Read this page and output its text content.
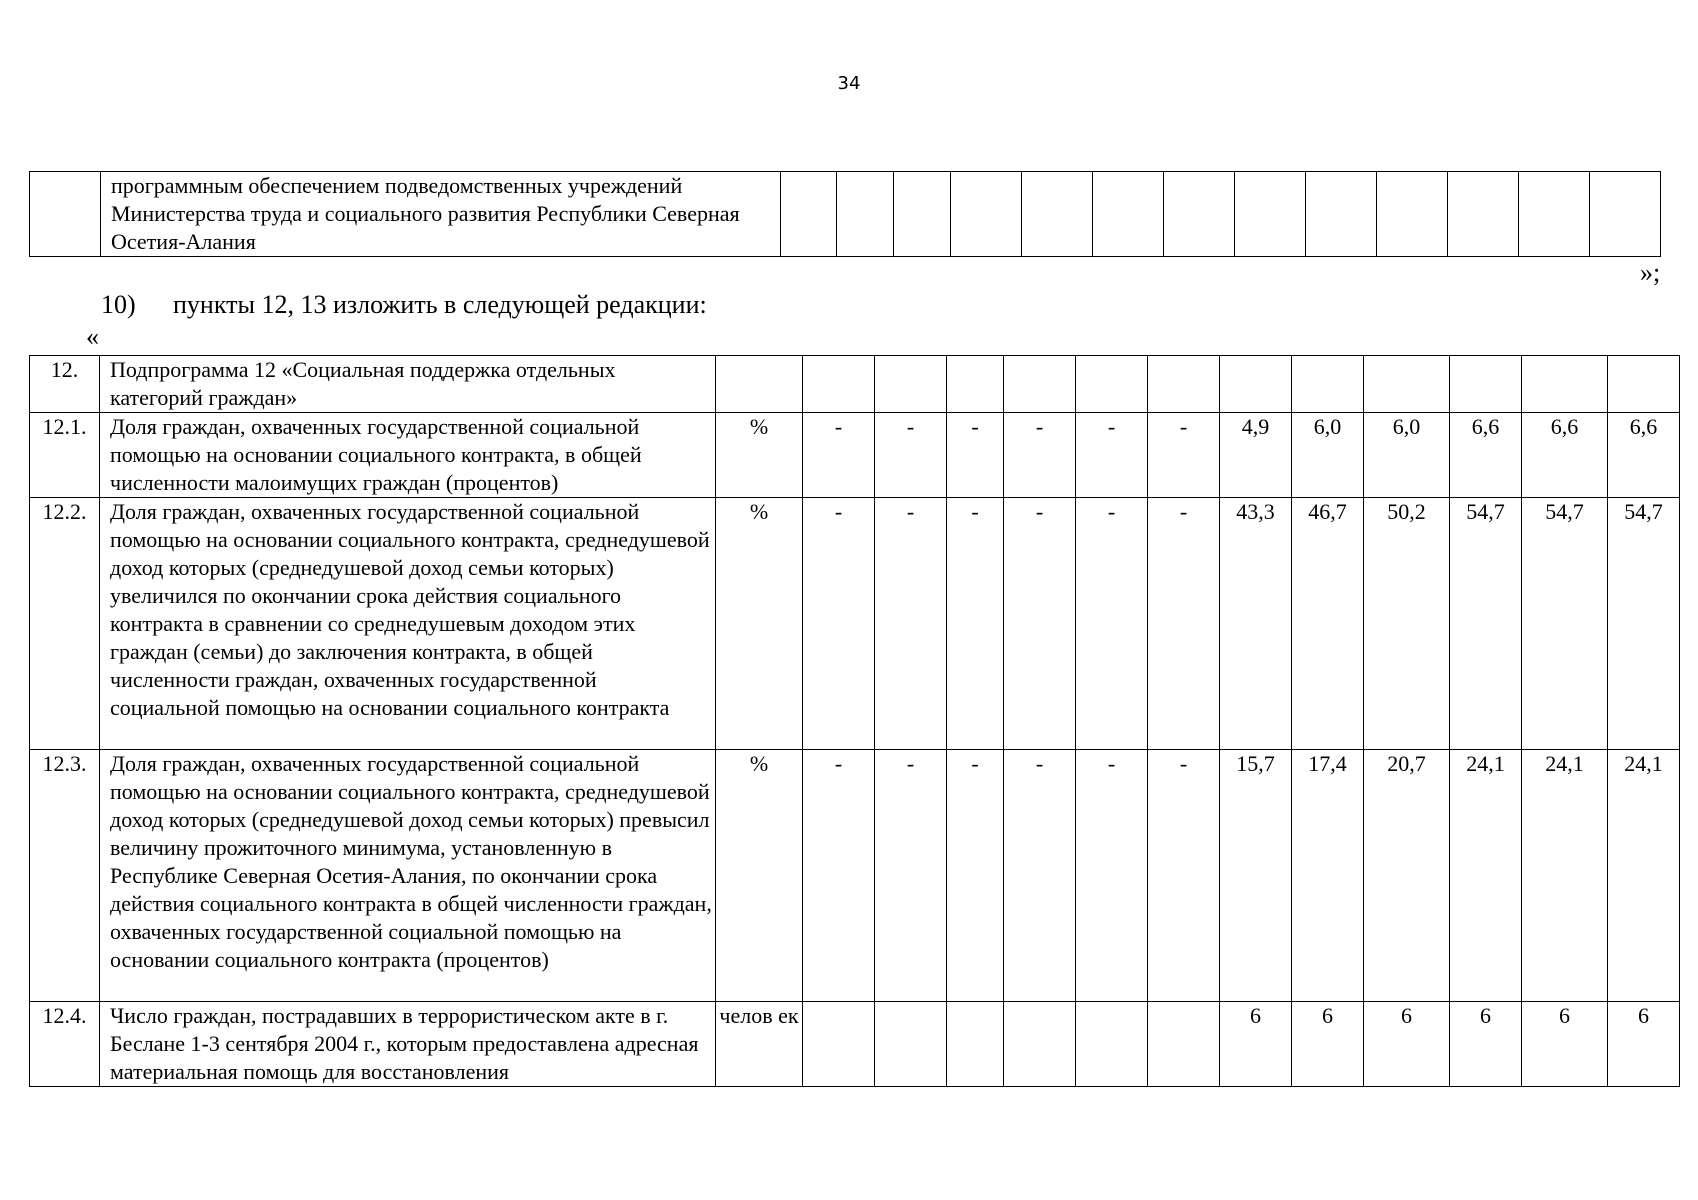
34
	программным обеспечением подведомственных учреждений Министерства труда и социального развития Республики Северная Осетия-Алания													
»;
10) пункты 12, 13 изложить в следующей редакции:
«
12.	Подпрограмма 12 «Социальная поддержка отдельных категорий граждан»													
12.1.	Доля граждан, охваченных государственной социальной помощью на основании социального контракта, в общей численности малоимущих граждан (процентов)	%	-	-	-	-	-	-	4,9	6,0	6,0	6,6	6,6	6,6
12.2.	Доля граждан, охваченных государственной социальной помощью на основании социального контракта, среднедушевой доход которых (среднедушевой доход семьи которых) увеличился по окончании срока действия социального контракта в сравнении со среднедушевым доходом этих граждан (семьи) до заключения контракта, в общей численности граждан, охваченных государственной социальной помощью на основании социального контракта	%	-	-	-	-	-	-	43,3	46,7	50,2	54,7	54,7	54,7
12.3.	Доля граждан, охваченных государственной социальной помощью на основании социального контракта, среднедушевой доход которых (среднедушевой доход семьи которых) превысил величину прожиточного минимума, установленную в Республике Северная Осетия-Алания, по окончании срока действия социального контракта в общей численности граждан, охваченных государственной социальной помощью на основании социального контракта (процентов)	%	-	-	-	-	-	-	15,7	17,4	20,7	24,1	24,1	24,1
12.4.	Число граждан, пострадавших в террористическом акте в г. Беслане 1-3 сентября 2004 г., которым предоставлена адресная материальная помощь для восстановления	челов ек							6	6	6	6	6	6
